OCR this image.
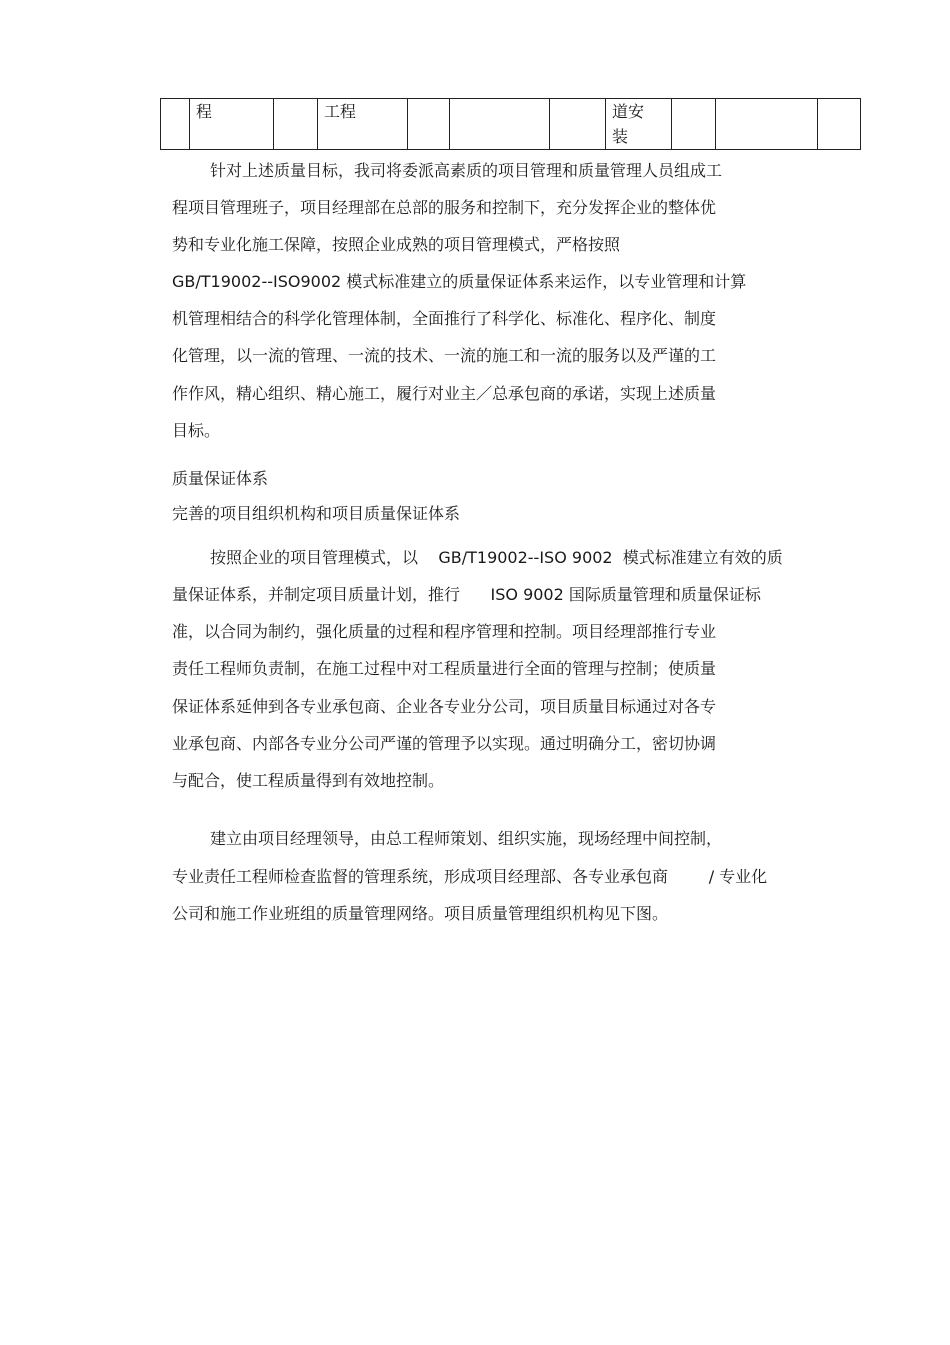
程		工程				道安装

针对上述质量目标，我司将委派高素质的项目管理和质量管理人员组成工

程项目管理班子，项目经理部在总部的服务和控制下，充分发挥企业的整体优

势和专业化施工保障，按照企业成熟的项目管理模式，严格按照

GB/T19002--ISO9002 模式标准建立的质量保证体系来运作，以专业管理和计算

机管理相结合的科学化管理体制，全面推行了科学化、标准化、程序化、制度

化管理，以一流的管理、一流的技术、一流的施工和一流的服务以及严谨的工

作作风，精心组织、精心施工，履行对业主／总承包商的承诺，实现上述质量

目标。

质量保证体系

完善的项目组织机构和项目质量保证体系

按照企业的项目管理模式，以    GB/T19002--ISO 9002  模式标准建立有效的质

量保证体系，并制定项目质量计划，推行      ISO 9002 国际质量管理和质量保证标

准，以合同为制约，强化质量的过程和程序管理和控制。项目经理部推行专业

责任工程师负责制，在施工过程中对工程质量进行全面的管理与控制；使质量

保证体系延伸到各专业承包商、企业各专业分公司，项目质量目标通过对各专

业承包商、内部各专业分公司严谨的管理予以实现。通过明确分工，密切协调

与配合，使工程质量得到有效地控制。

建立由项目经理领导，由总工程师策划、组织实施，现场经理中间控制，

专业责任工程师检查监督的管理系统，形成项目经理部、各专业承包商        / 专业化

公司和施工作业班组的质量管理网络。项目质量管理组织机构见下图。
